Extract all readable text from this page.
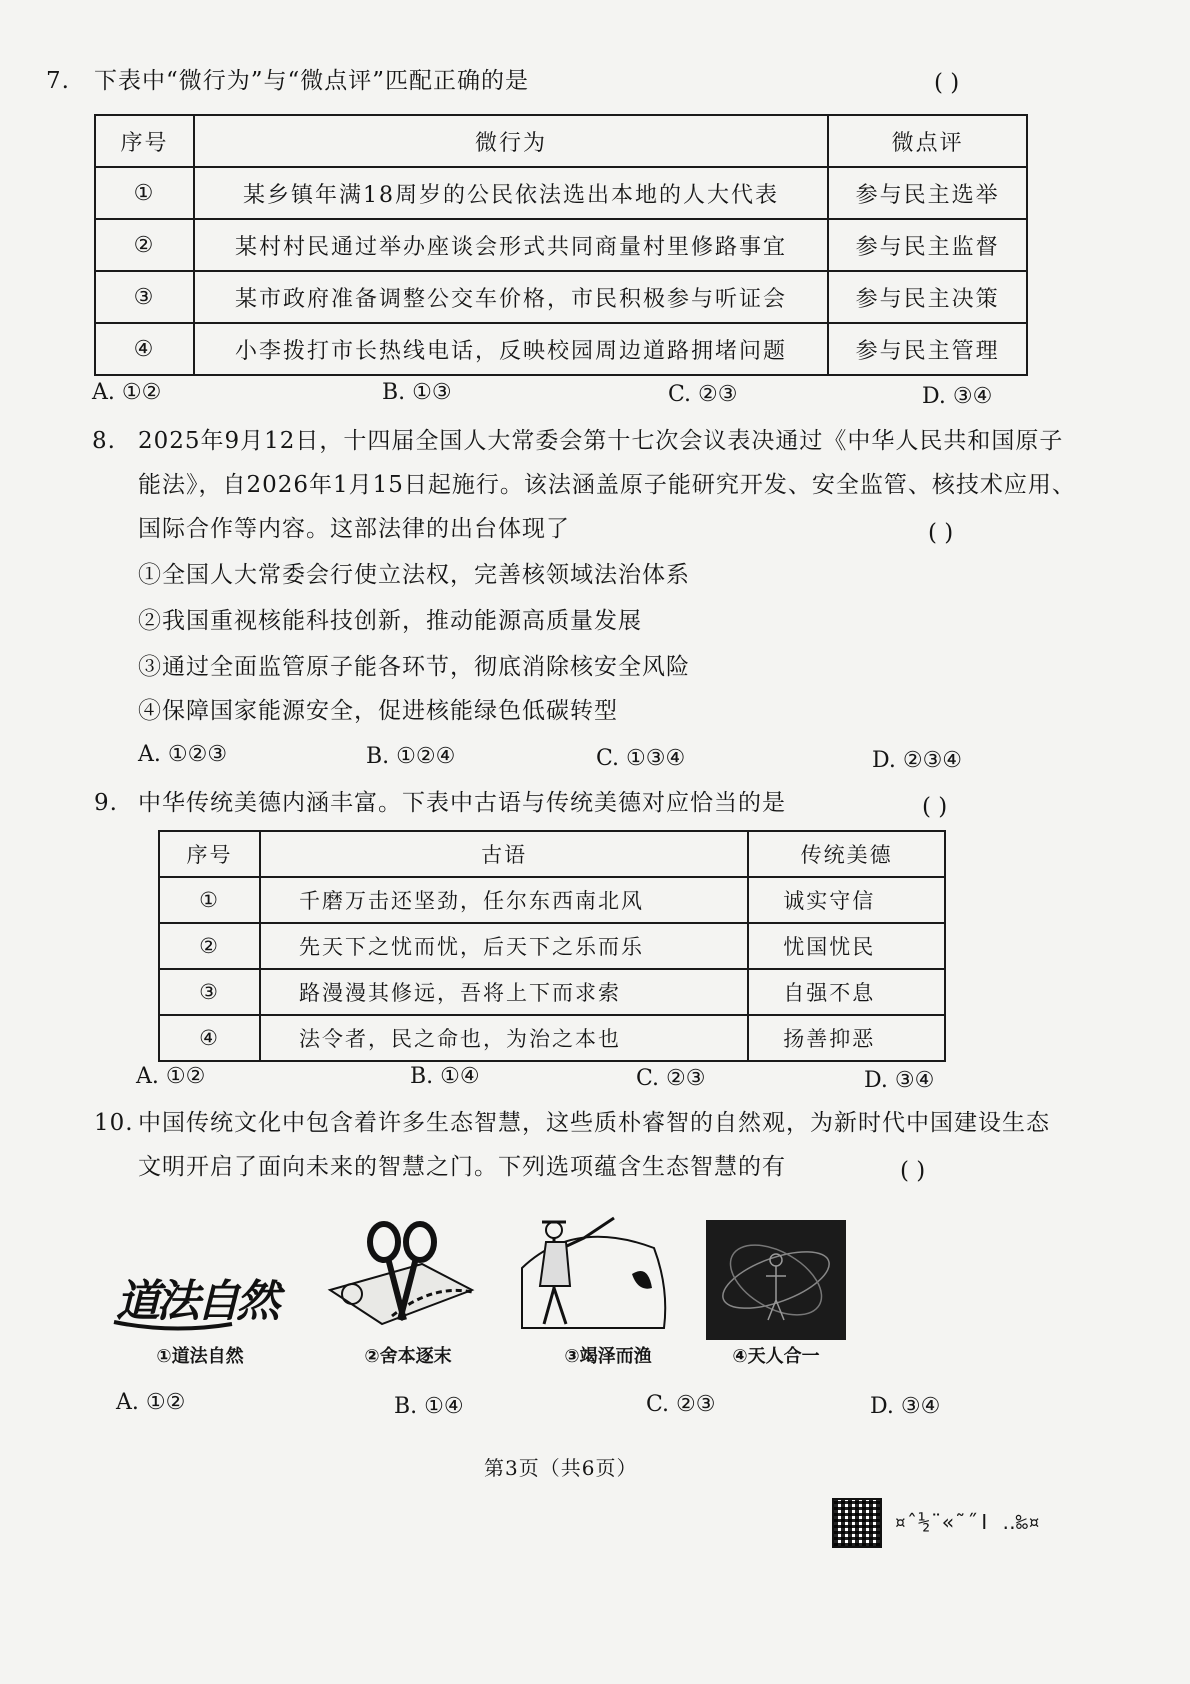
7. 下表中“微行为”与“微点评”匹配正确的是	( )
序号	微行为	微点评
①	某乡镇年满18周岁的公民依法选出本地的人大代表	参与民主选举
②	某村村民通过举办座谈会形式共同商量村里修路事宜	参与民主监督
③	某市政府准备调整公交车价格，市民积极参与听证会	参与民主决策
④	小李拨打市长热线电话，反映校园周边道路拥堵问题	参与民主管理
A. ①②	B. ①③	C. ②③	D. ③④
8. 2025年9月12日，十四届全国人大常委会第十七次会议表决通过《中华人民共和国原子
能法》，自2026年1月15日起施行。该法涵盖原子能研究开发、安全监管、核技术应用、
国际合作等内容。这部法律的出台体现了	( )
①全国人大常委会行使立法权，完善核领域法治体系
②我国重视核能科技创新，推动能源高质量发展
③通过全面监管原子能各环节，彻底消除核安全风险
④保障国家能源安全，促进核能绿色低碳转型
A. ①②③	B. ①②④	C. ①③④	D. ②③④
9. 中华传统美德内涵丰富。下表中古语与传统美德对应恰当的是	( )
序号	古语	传统美德
①	千磨万击还坚劲，任尔东西南北风	诚实守信
②	先天下之忧而忧，后天下之乐而乐	忧国忧民
③	路漫漫其修远，吾将上下而求索	自强不息
④	法令者，民之命也，为治之本也	扬善抑恶
A. ①②	B. ①④	C. ②③	D. ③④
10. 中国传统文化中包含着许多生态智慧，这些质朴睿智的自然观，为新时代中国建设生态
文明开启了面向未来的智慧之门。下列选项蕴含生态智慧的有	( )
道法自然
①道法自然	②舍本逐末	③竭泽而渔	④天人合一
A. ①②	B. ①④	C. ②③	D. ③④
第3页（共6页）
¤ˆ½¨«˜˝ǀ ‥‰¤
